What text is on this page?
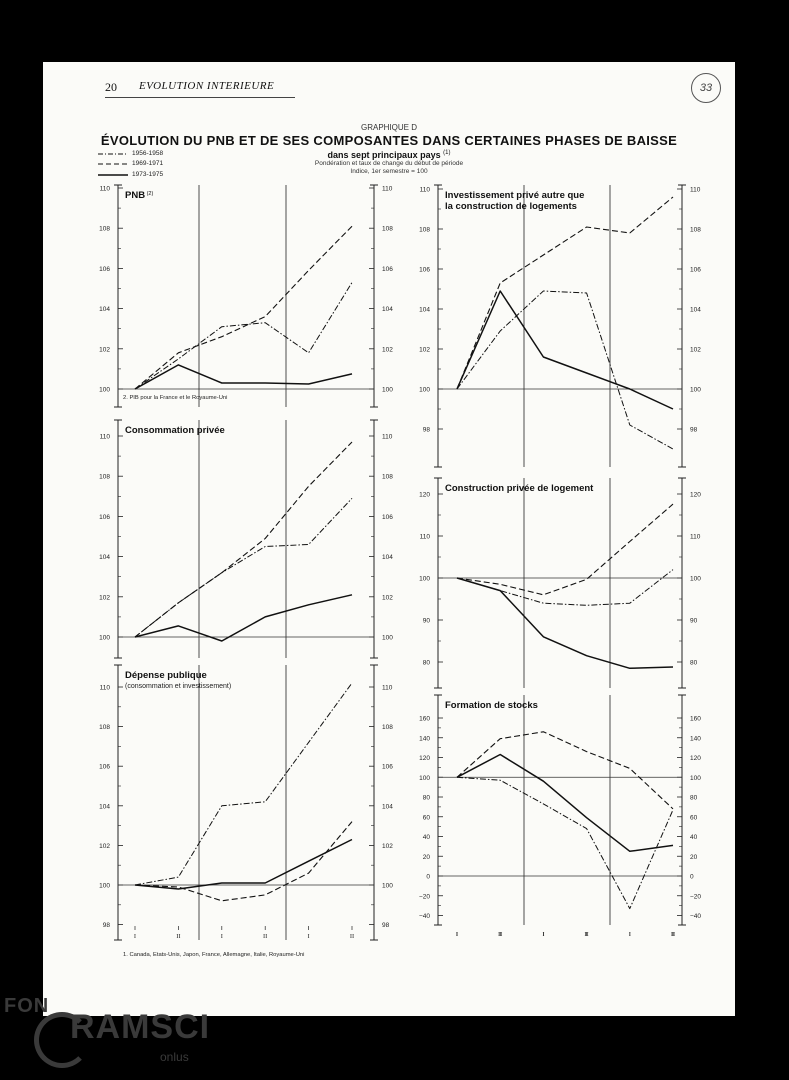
20 EVOLUTION INTERIEURE	33
GRAPHIQUE D
ÉVOLUTION DU PNB ET DE SES COMPOSANTES DANS CERTAINES PHASES DE BAISSE
dans sept principaux pays $^{(1)}$
Pondération et taux de change du début de période
Indice, 1er semestre = 100
1956-1958
1969-1971
1973-1975
100	100
102	102
104	104
106	106
108	108
110	110
PNB $^{(2)}$
2. PIB pour la France et le Royaume-Uni
98	98
100	100
102	102
104	104
106	106
108	108
110	110
Investissement privé autre que la construction de logements
100	100
102	102
104	104
106	106
108	108
110	110
Consommation privée
80	80
90	90
100	100
110	110
120	120
Construction privée de logement
98	98
100	100
102	102
104	104
106	106
108	108
110	110
Dépense publique
(consommation et investissement)
1. Canada, Etats-Unis, Japon, France, Allemagne, Italie, Royaume-Uni
−40	−40
−20	−20
0	0
20	20
40	40
60	60
80	80
100	100
120	120
140	140
160	160
Formation de stocks
I	II	I	II	I	II	I	II	I	II	I	II
FON
RAMSCI
onlus
